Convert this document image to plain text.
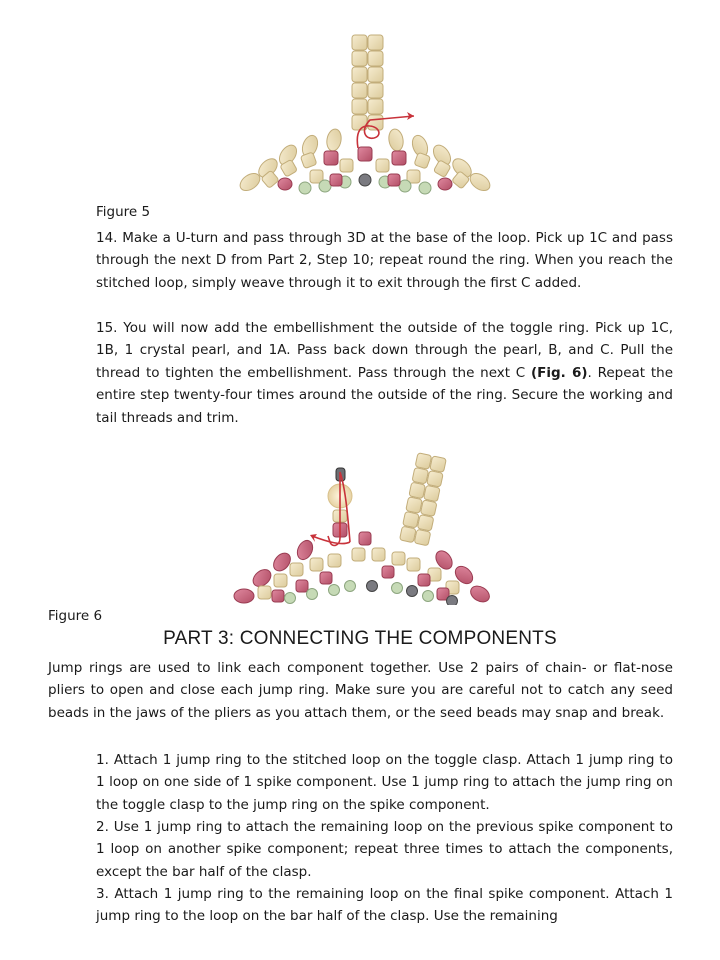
Figure 5

14. Make a U-turn and pass through 3D at the base of the loop. Pick up 1C and pass through the next D from Part 2, Step 10; repeat round the ring. When you reach the stitched loop, simply weave through it to exit through the first C added.

15. You will now add the embellishment the outside of the toggle ring. Pick up 1C, 1B, 1 crystal pearl, and 1A. Pass back down through the pearl, B, and C. Pull the thread to tighten the embellishment. Pass through the next C (Fig. 6). Repeat the entire step twenty-four times around the outside of the ring. Secure the working and tail threads and trim.

Figure 6
PART 3: CONNECTING THE COMPONENTS

Jump rings are used to link each component together. Use 2 pairs of chain- or flat-nose pliers to open and close each jump ring. Make sure you are careful not to catch any seed beads in the jaws of the pliers as you attach them, or the seed beads may snap and break.

1. Attach 1 jump ring to the stitched loop on the toggle clasp. Attach 1 jump ring to 1 loop on one side of 1 spike component. Use 1 jump ring to attach the jump ring on the toggle clasp to the jump ring on the spike component.

2. Use 1 jump ring to attach the remaining loop on the previous spike component to 1 loop on another spike component; repeat three times to attach the components, except the bar half of the clasp.

3. Attach 1 jump ring to the remaining loop on the final spike component. Attach 1 jump ring to the loop on the bar half of the clasp. Use the remaining
